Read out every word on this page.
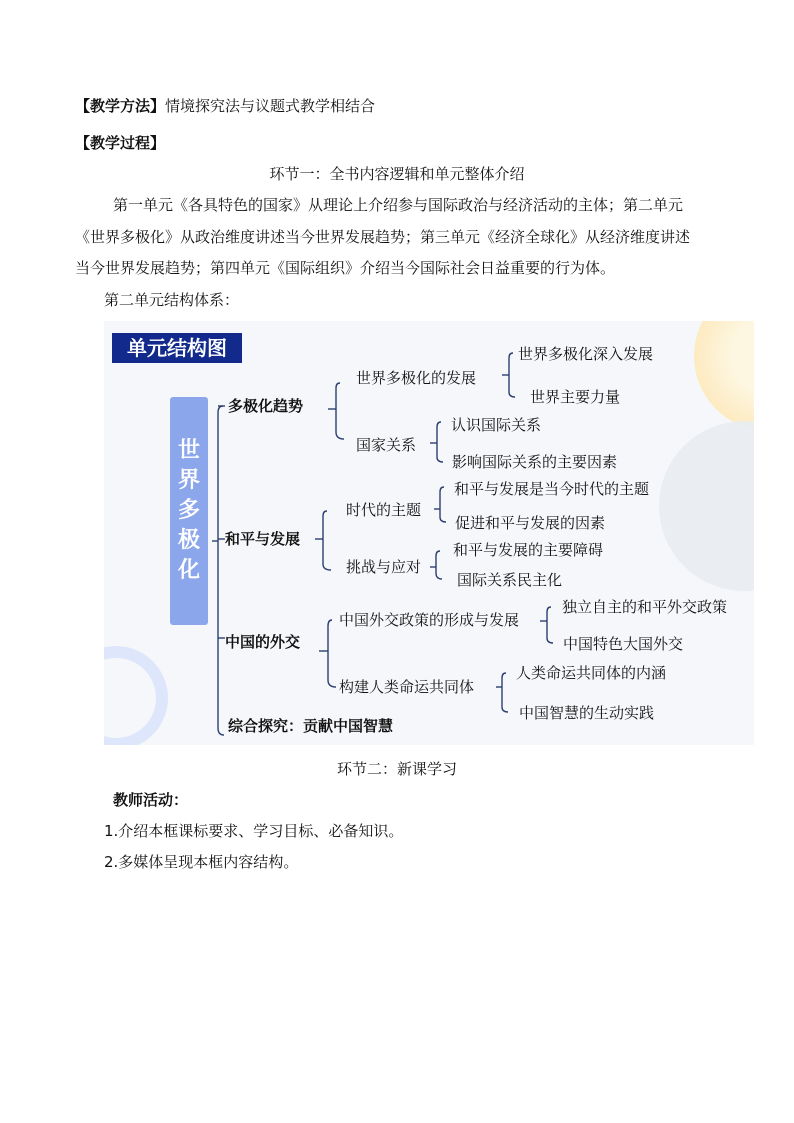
【教学方法】情境探究法与议题式教学相结合
【教学过程】
环节一：全书内容逻辑和单元整体介绍
第一单元《各具特色的国家》从理论上介绍参与国际政治与经济活动的主体；第二单元
《世界多极化》从政治维度讲述当今世界发展趋势；第三单元《经济全球化》从经济维度讲述
当今世界发展趋势；第四单元《国际组织》介绍当今国际社会日益重要的行为体。
第二单元结构体系：
单元结构图
世
界
多
极
化
多极化趋势
和平与发展
中国的外交
综合探究：贡献中国智慧
世界多极化的发展
国家关系
时代的主题
挑战与应对
中国外交政策的形成与发展
构建人类命运共同体
世界多极化深入发展
世界主要力量
认识国际关系
影响国际关系的主要因素
和平与发展是当今时代的主题
促进和平与发展的因素
和平与发展的主要障碍
国际关系民主化
独立自主的和平外交政策
中国特色大国外交
人类命运共同体的内涵
中国智慧的生动实践
环节二：新课学习
教师活动：
1.介绍本框课标要求、学习目标、必备知识。
2.多媒体呈现本框内容结构。
